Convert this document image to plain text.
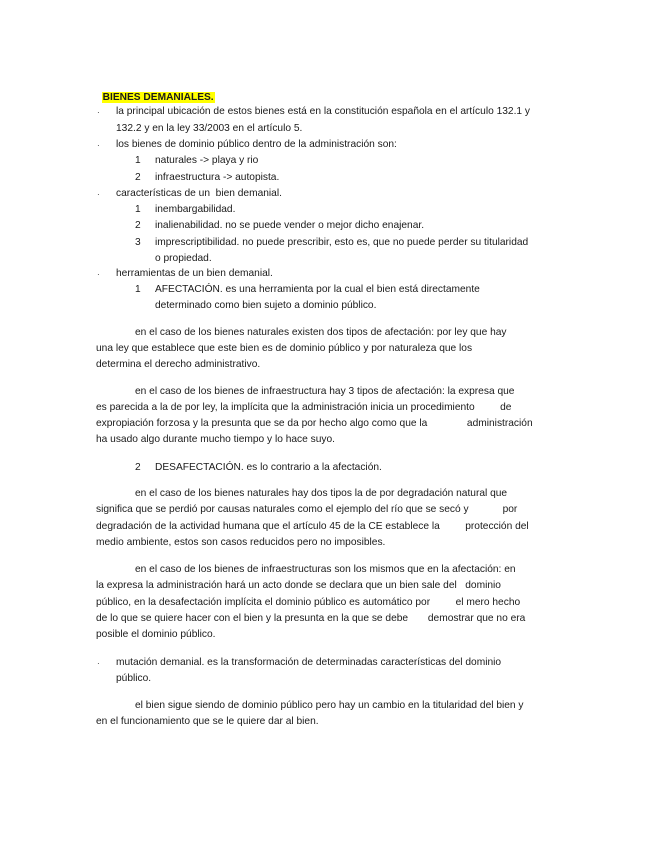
BIENES DEMANIALES.

· la principal ubicación de estos bienes está en la constitución española en el artículo 132.1 y
132.2 y en la ley 33/2003 en el artículo 5.
· los bienes de dominio público dentro de la administración son:
1 naturales -> playa y rio
2 infraestructura -> autopista.
· características de un  bien demanial.
1 inembargabilidad.
2 inalienabilidad. no se puede vender o mejor dicho enajenar.
3 imprescriptibilidad. no puede prescribir, esto es, que no puede perder su titularidad
o propiedad.
· herramientas de un bien demanial.
1 AFECTACIÓN. es una herramienta por la cual el bien está directamente
determinado como bien sujeto a dominio público.
en el caso de los bienes naturales existen dos tipos de afectación: por ley que hay
una ley que establece que este bien es de dominio público y por naturaleza que los
determina el derecho administrativo.
en el caso de los bienes de infraestructura hay 3 tipos de afectación: la expresa que
es parecida a la de por ley, la implícita que la administración inicia un procedimiento         de
expropiación forzosa y la presunta que se da por hecho algo como que la              administración
ha usado algo durante mucho tiempo y lo hace suyo.
2 DESAFECTACIÓN. es lo contrario a la afectación.
en el caso de los bienes naturales hay dos tipos la de por degradación natural que
significa que se perdió por causas naturales como el ejemplo del río que se secó y            por
degradación de la actividad humana que el artículo 45 de la CE establece la         protección del
medio ambiente, estos son casos reducidos pero no imposibles.
en el caso de los bienes de infraestructuras son los mismos que en la afectación: en
la expresa la administración hará un acto donde se declara que un bien sale del   dominio
público, en la desafectación implícita el dominio público es automático por         el mero hecho
de lo que se quiere hacer con el bien y la presunta en la que se debe       demostrar que no era
posible el dominio público.
· mutación demanial. es la transformación de determinadas características del dominio
público.
el bien sigue siendo de dominio público pero hay un cambio en la titularidad del bien y
en el funcionamiento que se le quiere dar al bien.
